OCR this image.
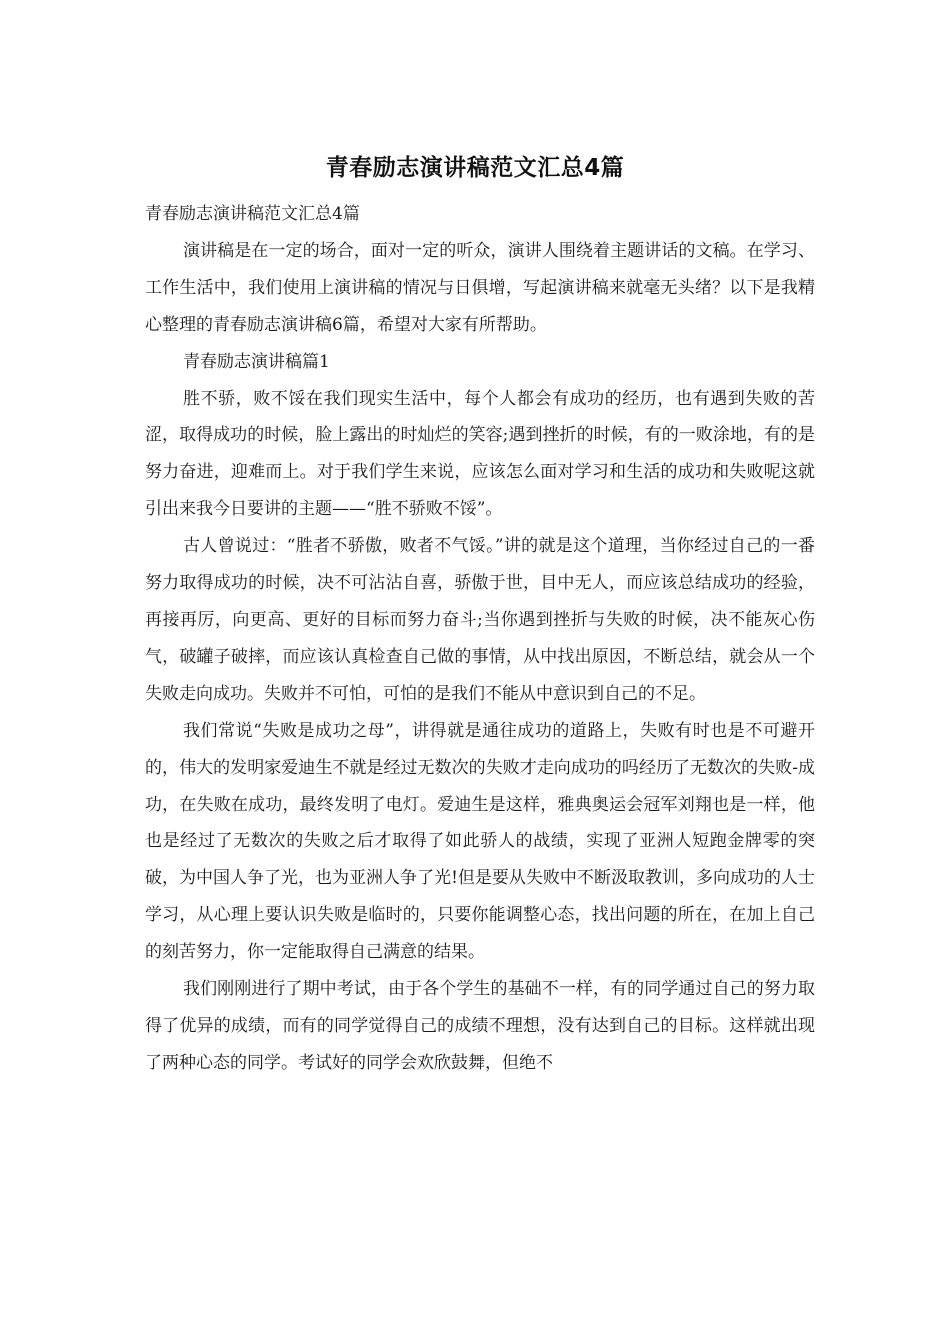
青春励志演讲稿范文汇总4篇

青春励志演讲稿范文汇总4篇

演讲稿是在一定的场合，面对一定的听众，演讲人围绕着主题讲话的文稿。在学习、工作生活中，我们使用上演讲稿的情况与日俱增，写起演讲稿来就毫无头绪？以下是我精心整理的青春励志演讲稿6篇，希望对大家有所帮助。

青春励志演讲稿篇1

胜不骄，败不馁在我们现实生活中，每个人都会有成功的经历，也有遇到失败的苦涩，取得成功的时候，脸上露出的时灿烂的笑容;遇到挫折的时候，有的一败涂地，有的是努力奋进，迎难而上。对于我们学生来说，应该怎么面对学习和生活的成功和失败呢这就引出来我今日要讲的主题——“胜不骄败不馁”。

古人曾说过：“胜者不骄傲，败者不气馁。”讲的就是这个道理，当你经过自己的一番努力取得成功的时候，决不可沾沾自喜，骄傲于世，目中无人，而应该总结成功的经验，再接再厉，向更高、更好的目标而努力奋斗;当你遇到挫折与失败的时候，决不能灰心伤气，破罐子破摔，而应该认真检查自己做的事情，从中找出原因，不断总结，就会从一个失败走向成功。失败并不可怕，可怕的是我们不能从中意识到自己的不足。

我们常说“失败是成功之母”，讲得就是通往成功的道路上，失败有时也是不可避开的，伟大的发明家爱迪生不就是经过无数次的失败才走向成功的吗经历了无数次的失败-成功，在失败在成功，最终发明了电灯。爱迪生是这样，雅典奥运会冠军刘翔也是一样，他也是经过了无数次的失败之后才取得了如此骄人的战绩，实现了亚洲人短跑金牌零的突破，为中国人争了光，也为亚洲人争了光!但是要从失败中不断汲取教训，多向成功的人士学习，从心理上要认识失败是临时的，只要你能调整心态，找出问题的所在，在加上自己的刻苦努力，你一定能取得自己满意的结果。

我们刚刚进行了期中考试，由于各个学生的基础不一样，有的同学通过自己的努力取得了优异的成绩，而有的同学觉得自己的成绩不理想，没有达到自己的目标。这样就出现了两种心态的同学。考试好的同学会欢欣鼓舞，但绝不
